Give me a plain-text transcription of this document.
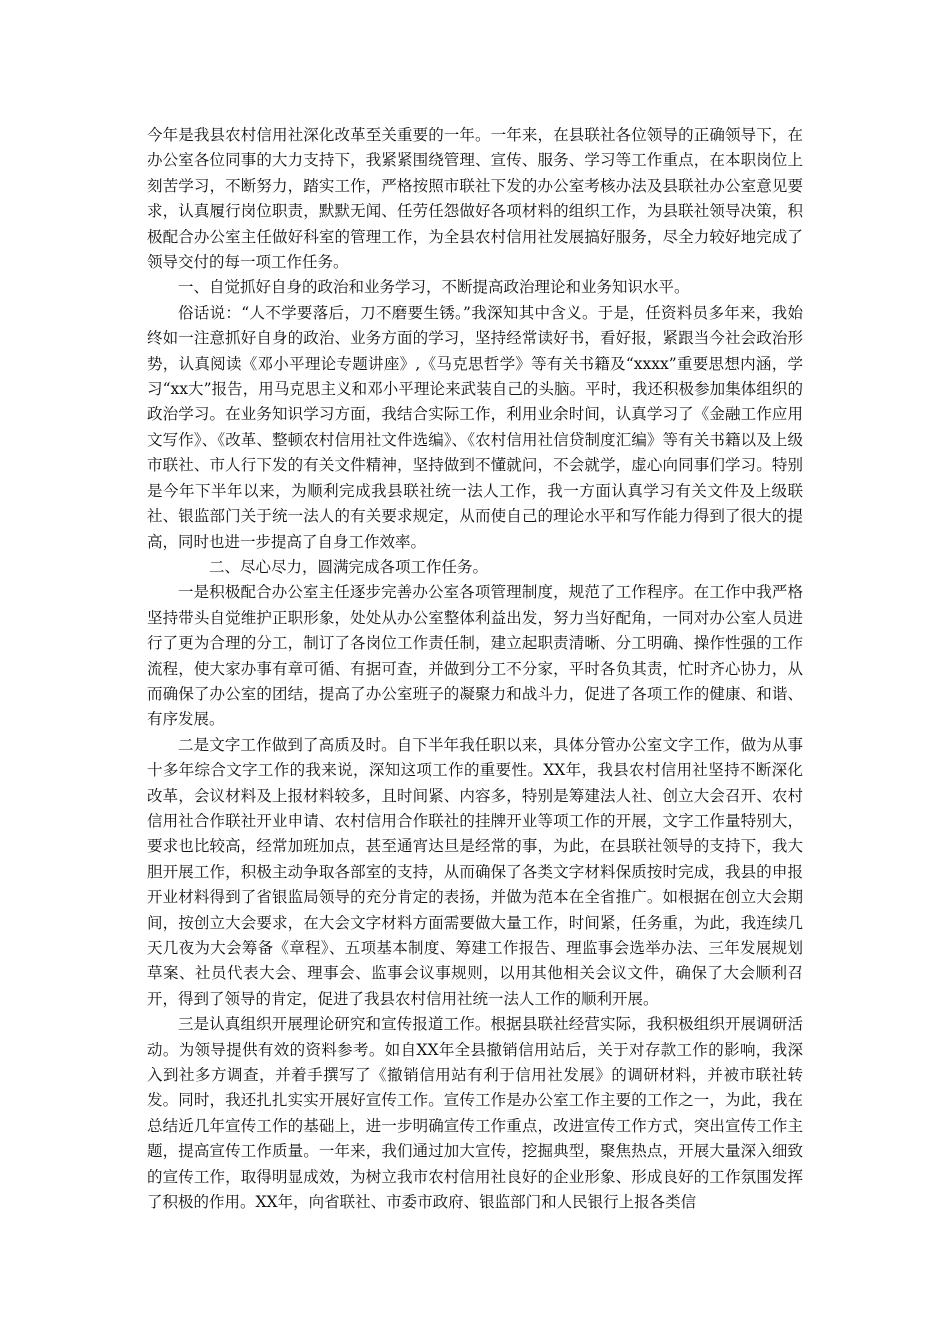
今年是我县农村信用社深化改革至关重要的一年。一年来，在县联社各位领导的正确领导下，在办公室各位同事的大力支持下，我紧紧围绕管理、宣传、服务、学习等工作重点，在本职岗位上刻苦学习，不断努力，踏实工作，严格按照市联社下发的办公室考核办法及县联社办公室意见要求，认真履行岗位职责，默默无闻、任劳任怨做好各项材料的组织工作，为县联社领导决策，积极配合办公室主任做好科室的管理工作，为全县农村信用社发展搞好服务，尽全力较好地完成了领导交付的每一项工作任务。

一、自觉抓好自身的政治和业务学习，不断提高政治理论和业务知识水平。

俗话说：“人不学要落后，刀不磨要生锈。”我深知其中含义。于是，任资料员多年来，我始终如一注意抓好自身的政治、业务方面的学习，坚持经常读好书，看好报，紧跟当今社会政治形势，认真阅读《邓小平理论专题讲座》,《马克思哲学》等有关书籍及“xxxx”重要思想内涵，学习“xx大”报告，用马克思主义和邓小平理论来武装自己的头脑。平时，我还积极参加集体组织的政治学习。在业务知识学习方面，我结合实际工作，利用业余时间，认真学习了《金融工作应用文写作》、《改革、整顿农村信用社文件选编》、《农村信用社信贷制度汇编》等有关书籍以及上级市联社、市人行下发的有关文件精神，坚持做到不懂就问，不会就学，虚心向同事们学习。特别是今年下半年以来，为顺利完成我县联社统一法人工作，我一方面认真学习有关文件及上级联社、银监部门关于统一法人的有关要求规定，从而使自己的理论水平和写作能力得到了很大的提高，同时也进一步提高了自身工作效率。

二、尽心尽力，圆满完成各项工作任务。

一是积极配合办公室主任逐步完善办公室各项管理制度，规范了工作程序。在工作中我严格坚持带头自觉维护正职形象，处处从办公室整体利益出发，努力当好配角，一同对办公室人员进行了更为合理的分工，制订了各岗位工作责任制，建立起职责清晰、分工明确、操作性强的工作流程，使大家办事有章可循、有据可查，并做到分工不分家，平时各负其责，忙时齐心协力，从而确保了办公室的团结，提高了办公室班子的凝聚力和战斗力，促进了各项工作的健康、和谐、有序发展。

二是文字工作做到了高质及时。自下半年我任职以来，具体分管办公室文字工作，做为从事十多年综合文字工作的我来说，深知这项工作的重要性。XX年，我县农村信用社坚持不断深化改革，会议材料及上报材料较多，且时间紧、内容多，特别是筹建法人社、创立大会召开、农村信用社合作联社开业申请、农村信用合作联社的挂牌开业等项工作的开展，文字工作量特别大，要求也比较高，经常加班加点，甚至通宵达旦是经常的事，为此，在县联社领导的支持下，我大胆开展工作，积极主动争取各部室的支持，从而确保了各类文字材料保质按时完成，我县的申报开业材料得到了省银监局领导的充分肯定的表扬，并做为范本在全省推广。如根据在创立大会期间，按创立大会要求，在大会文字材料方面需要做大量工作，时间紧，任务重，为此，我连续几天几夜为大会筹备《章程》、五项基本制度、筹建工作报告、理监事会选举办法、三年发展规划草案、社员代表大会、理事会、监事会议事规则，以用其他相关会议文件，确保了大会顺利召开，得到了领导的肯定，促进了我县农村信用社统一法人工作的顺利开展。

三是认真组织开展理论研究和宣传报道工作。根据县联社经营实际，我积极组织开展调研活动。为领导提供有效的资料参考。如自XX年全县撤销信用站后，关于对存款工作的影响，我深入到社多方调查，并着手撰写了《撤销信用站有利于信用社发展》的调研材料，并被市联社转发。同时，我还扎扎实实开展好宣传工作。宣传工作是办公室工作主要的工作之一，为此，我在总结近几年宣传工作的基础上，进一步明确宣传工作重点，改进宣传工作方式，突出宣传工作主题，提高宣传工作质量。一年来，我们通过加大宣传，挖掘典型，聚焦热点，开展大量深入细致的宣传工作，取得明显成效，为树立我市农村信用社良好的企业形象、形成良好的工作氛围发挥了积极的作用。XX年，向省联社、市委市政府、银监部门和人民银行上报各类信
